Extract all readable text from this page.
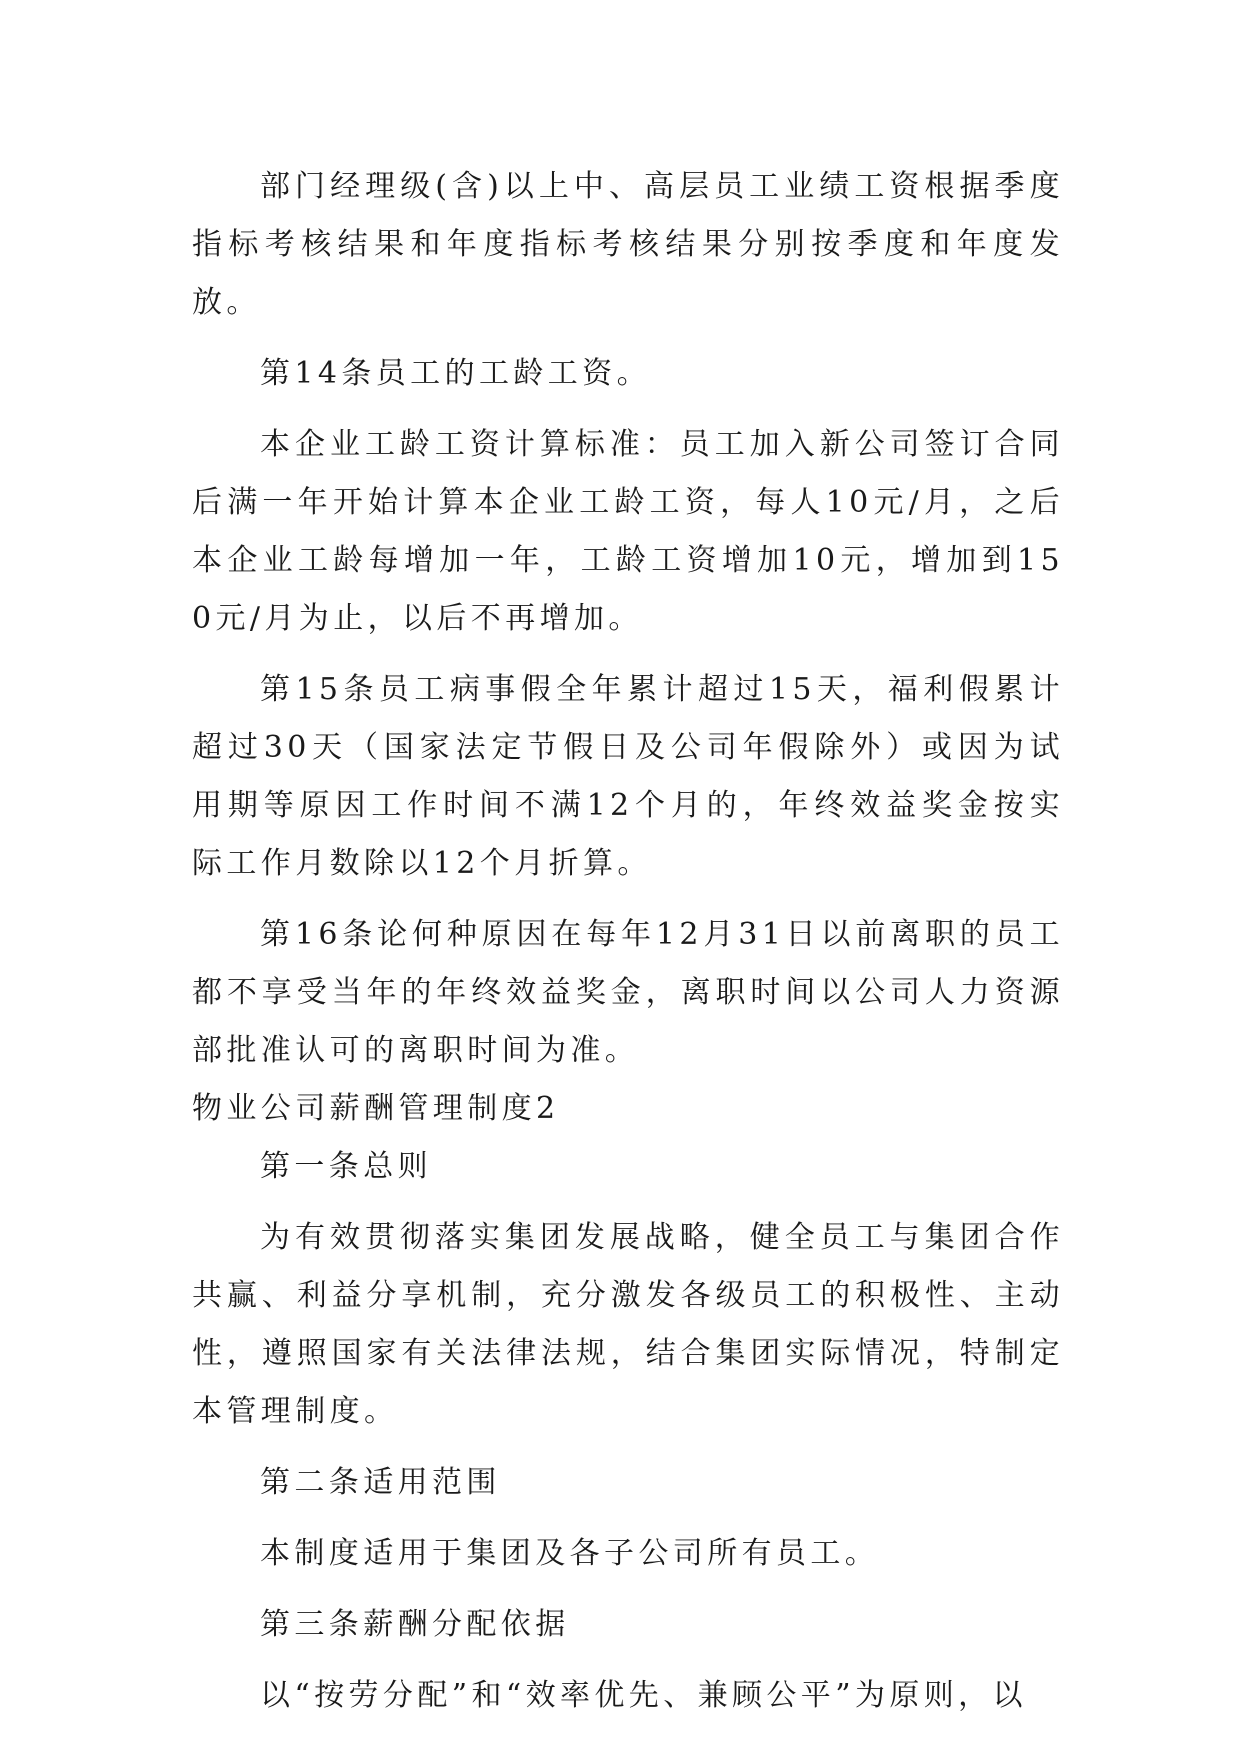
部门经理级(含)以上中、高层员工业绩工资根据季度指标考核结果和年度指标考核结果分别按季度和年度发放。

第14条员工的工龄工资。

本企业工龄工资计算标准：员工加入新公司签订合同后满一年开始计算本企业工龄工资，每人10元/月，之后本企业工龄每增加一年，工龄工资增加10元，增加到150元/月为止，以后不再增加。

第15条员工病事假全年累计超过15天，福利假累计超过30天（国家法定节假日及公司年假除外）或因为试用期等原因工作时间不满12个月的，年终效益奖金按实际工作月数除以12个月折算。

第16条论何种原因在每年12月31日以前离职的员工都不享受当年的年终效益奖金，离职时间以公司人力资源部批准认可的离职时间为准。

物业公司薪酬管理制度2

第一条总则

为有效贯彻落实集团发展战略，健全员工与集团合作共赢、利益分享机制，充分激发各级员工的积极性、主动性，遵照国家有关法律法规，结合集团实际情况，特制定本管理制度。

第二条适用范围

本制度适用于集团及各子公司所有员工。

第三条薪酬分配依据

以“按劳分配”和“效率优先、兼顾公平”为原则，以
